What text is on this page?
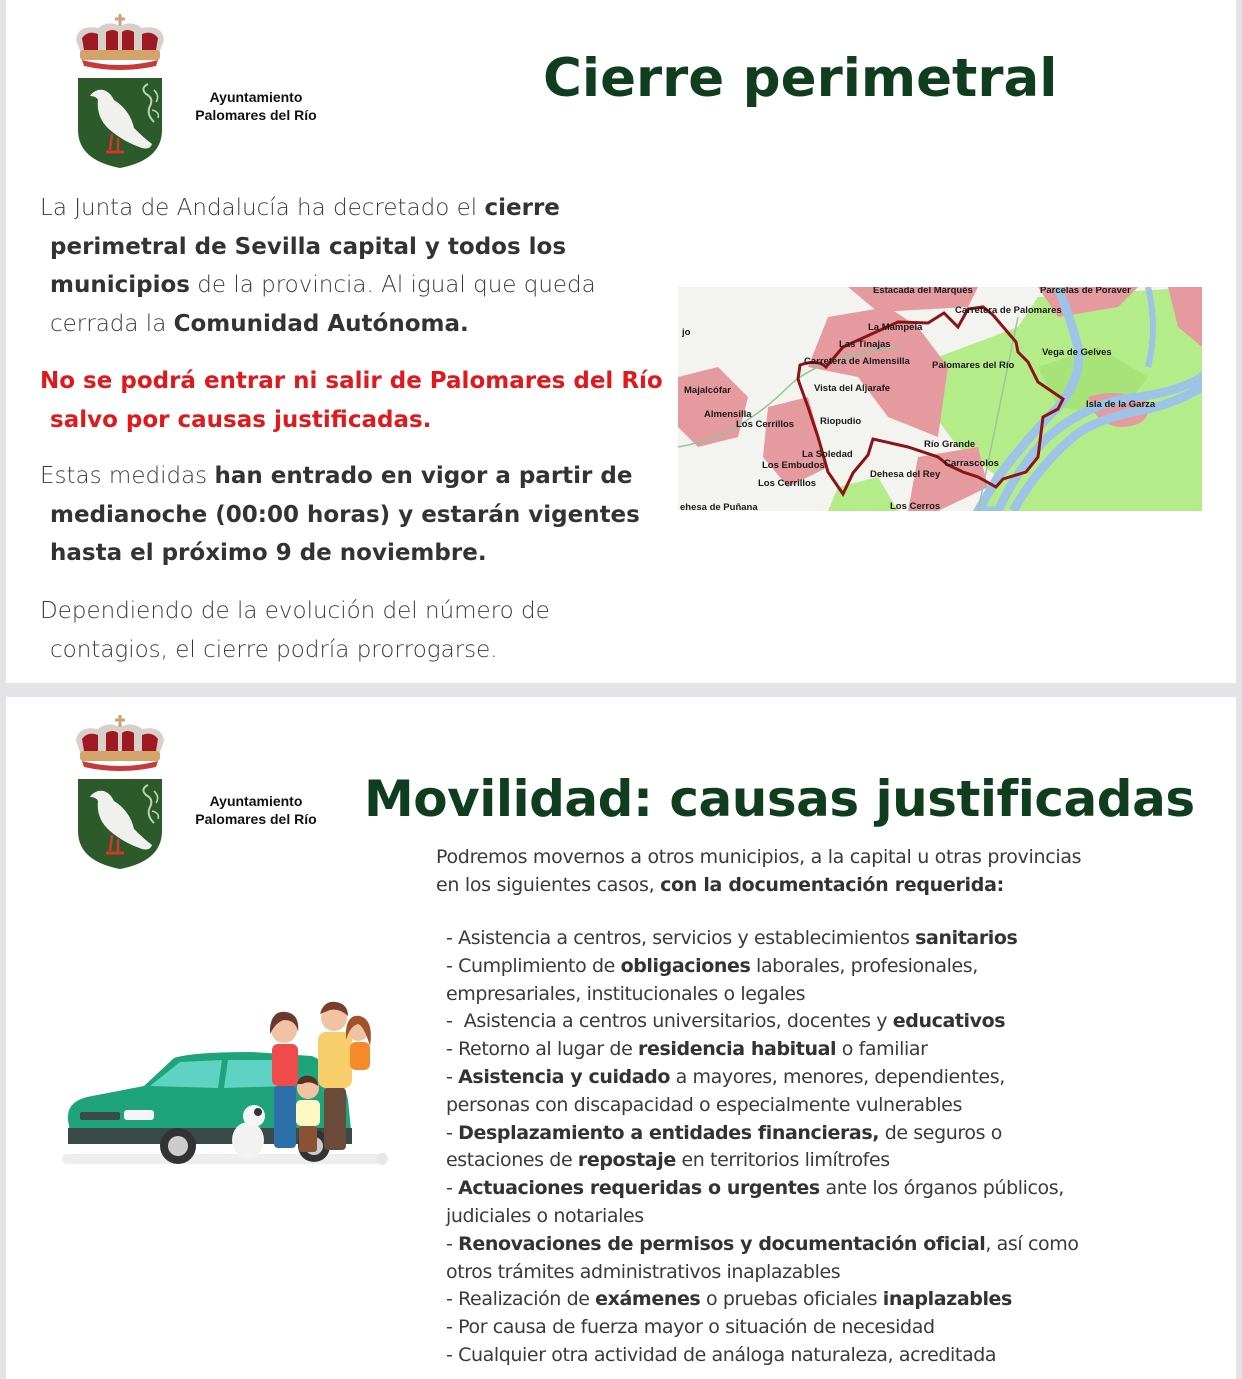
Ayuntamiento
Palomares del Río
Cierre perimetral
La Junta de Andalucía ha decretado el cierre
perimetral de Sevilla capital y todos los
municipios de la provincia. Al igual que queda
cerrada la Comunidad Autónoma.
No se podrá entrar ni salir de Palomares del Río
salvo por causas justificadas.
Estas medidas han entrado en vigor a partir de
medianoche (00:00 horas) y estarán vigentes
hasta el próximo 9 de noviembre.
Dependiendo de la evolución del número de
contagios, el cierre podría prorrogarse.
Estacada del Marqués	Parcelas de Poraver
Carretera de Palomares
La Mampela
Las Tinajas
Carretera de Almensilla Palomares del Río
Vega de Gelves
jo
Majalcófar	Vista del Aljarafe
Isla de la Garza
Almensilla
Los Cerrillos	Riopudio
Río Grande
La Soledad
Carrascolos
Los Embudos
Dehesa del Rey
Los Cerrillos
ehesa de Puñana	Los Cerros
Ayuntamiento
Palomares del Río Movilidad: causas justificadas
Podremos movernos a otros municipios, a la capital u otras provincias
en los siguientes casos, con la documentación requerida:
- Asistencia a centros, servicios y establecimientos sanitarios
- Cumplimiento de obligaciones laborales, profesionales,
empresariales, institucionales o legales
-  Asistencia a centros universitarios, docentes y educativos
- Retorno al lugar de residencia habitual o familiar
- Asistencia y cuidado a mayores, menores, dependientes,
personas con discapacidad o especialmente vulnerables
- Desplazamiento a entidades financieras, de seguros o
estaciones de repostaje en territorios limítrofes
- Actuaciones requeridas o urgentes ante los órganos públicos,
judiciales o notariales
- Renovaciones de permisos y documentación oficial, así como
otros trámites administrativos inaplazables
- Realización de exámenes o pruebas oficiales inaplazables
- Por causa de fuerza mayor o situación de necesidad
- Cualquier otra actividad de análoga naturaleza, acreditada
